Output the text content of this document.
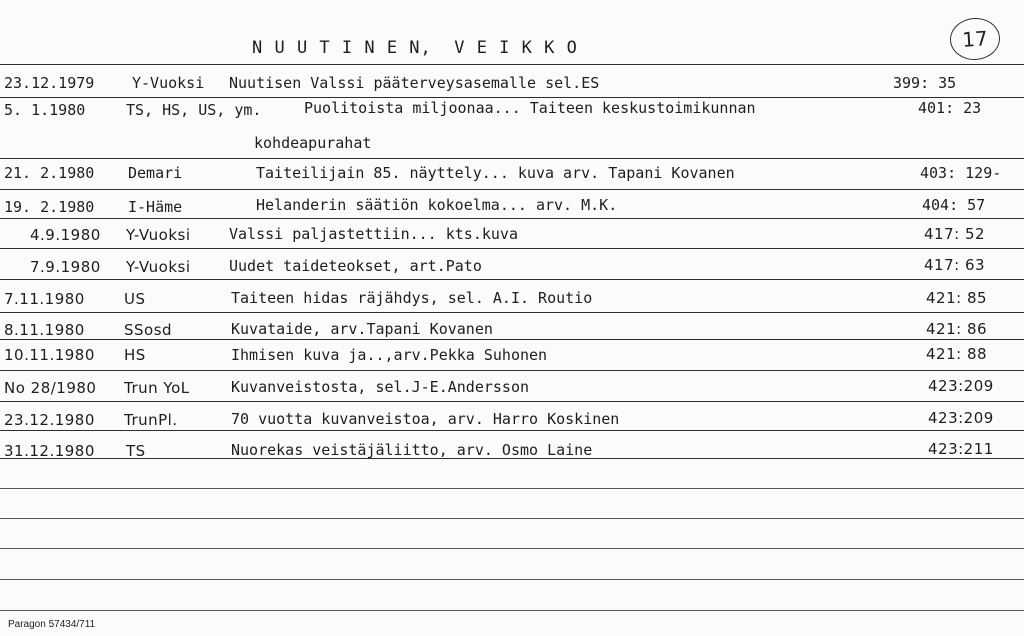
N U U T I N E N,  V E I K K O	17
23.12.1979	Y-Vuoksi Nuutisen Valssi pääterveysasemalle sel.ES	399: 35
5. 1.1980	TS, HS, US, ym.	Puolitoista miljoonaa... Taiteen keskustoimikunnan	401: 23
kohdeapurahat
21. 2.1980 Demari	Taiteilijain 85. näyttely... kuva arv. Tapani Kovanen	403: 129-
19. 2.1980 I-Häme	Helanderin säätiön kokoelma... arv. M.K.	404: 57
4.9.1980 Y-Vuoksi	Valssi paljastettiin... kts.kuva	417: 52
7.9.1980 Y-Vuoksi	Uudet taideteokset, art.Pato	417: 63
7.11.1980	US	Taiteen hidas räjähdys, sel. A.I. Routio	421: 85
8.11.1980	SSosd	Kuvataide, arv.Tapani Kovanen	421: 86
10.11.1980 HS	Ihmisen kuva ja..,arv.Pekka Suhonen	421: 88
No 28/1980 Trun YoL	Kuvanveistosta, sel.J-E.Andersson	423:209
23.12.1980 TrunPl.	70 vuotta kuvanveistoa, arv. Harro Koskinen	423:209
31.12.1980 TS	Nuorekas veistäjäliitto, arv. Osmo Laine	423:211
Paragon 57434/711
